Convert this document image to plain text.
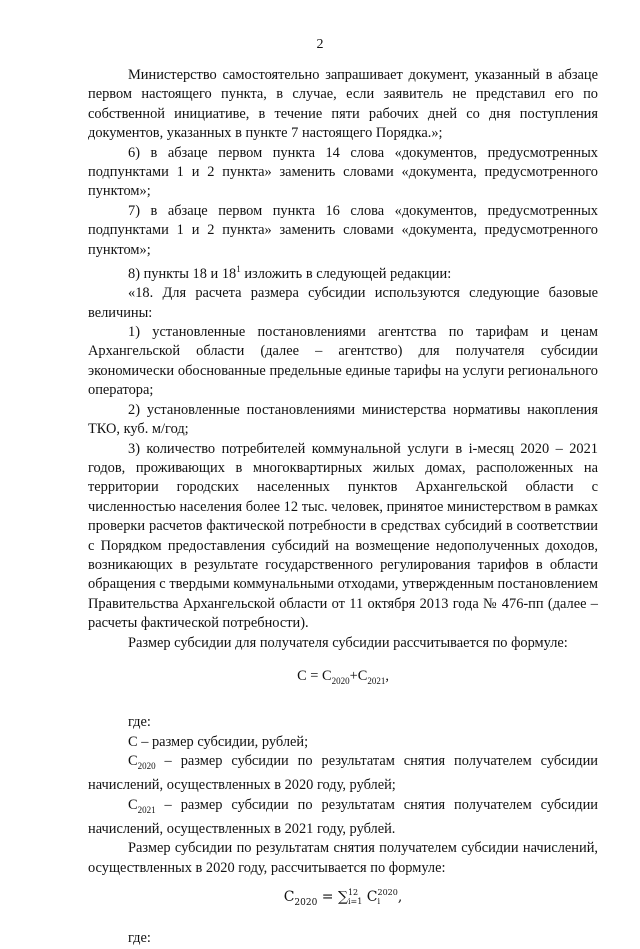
2

Министерство самостоятельно запрашивает документ, указанный в абзаце первом настоящего пункта, в случае, если заявитель не представил его по собственной инициативе, в течение пяти рабочих дней со дня поступления документов, указанных в пункте 7 настоящего Порядка.»;

6) в абзаце первом пункта 14 слова «документов, предусмотренных подпунктами 1 и 2 пункта» заменить словами «документа, предусмотренного пунктом»;

7) в абзаце первом пункта 16 слова «документов, предусмотренных подпунктами 1 и 2 пункта» заменить словами «документа, предусмотренного пунктом»;

8) пункты 18 и $18^1$ изложить в следующей редакции:

«18. Для расчета размера субсидии используются следующие базовые величины:

1) установленные постановлениями агентства по тарифам и ценам Архангельской области (далее – агентство) для получателя субсидии экономически обоснованные предельные единые тарифы на услуги регионального оператора;

2) установленные постановлениями министерства нормативы накопления ТКО, куб. м/год;

3) количество потребителей коммунальной услуги в i-месяц 2020 – 2021 годов, проживающих в многоквартирных жилых домах, расположенных на территории городских населенных пунктов Архангельской области с численностью населения более 12 тыс. человек, принятое министерством в рамках проверки расчетов фактической потребности в средствах субсидий в соответствии с Порядком предоставления субсидий на возмещение недополученных доходов, возникающих в результате государственного регулирования тарифов в области обращения с твердыми коммунальными отходами, утвержденным постановлением Правительства Архангельской области от 11 октября 2013 года № 476-пп (далее – расчеты фактической потребности).

Размер субсидии для получателя субсидии рассчитывается по формуле:

$С = С_{2020}+С_{2021}$,

где:

С – размер субсидии, рублей;

$С_{2020}$ – размер субсидии по результатам снятия получателем субсидии начислений, осуществленных в 2020 году, рублей;

$С_{2021}$ – размер субсидии по результатам снятия получателем субсидии начислений, осуществленных в 2021 году, рублей.

Размер субсидии по результатам снятия получателем субсидии начислений, осуществленных в 2020 году, рассчитывается по формуле:

$С_{2020}$ = ∑ 12
i=1 С 2020
i	,

где:
